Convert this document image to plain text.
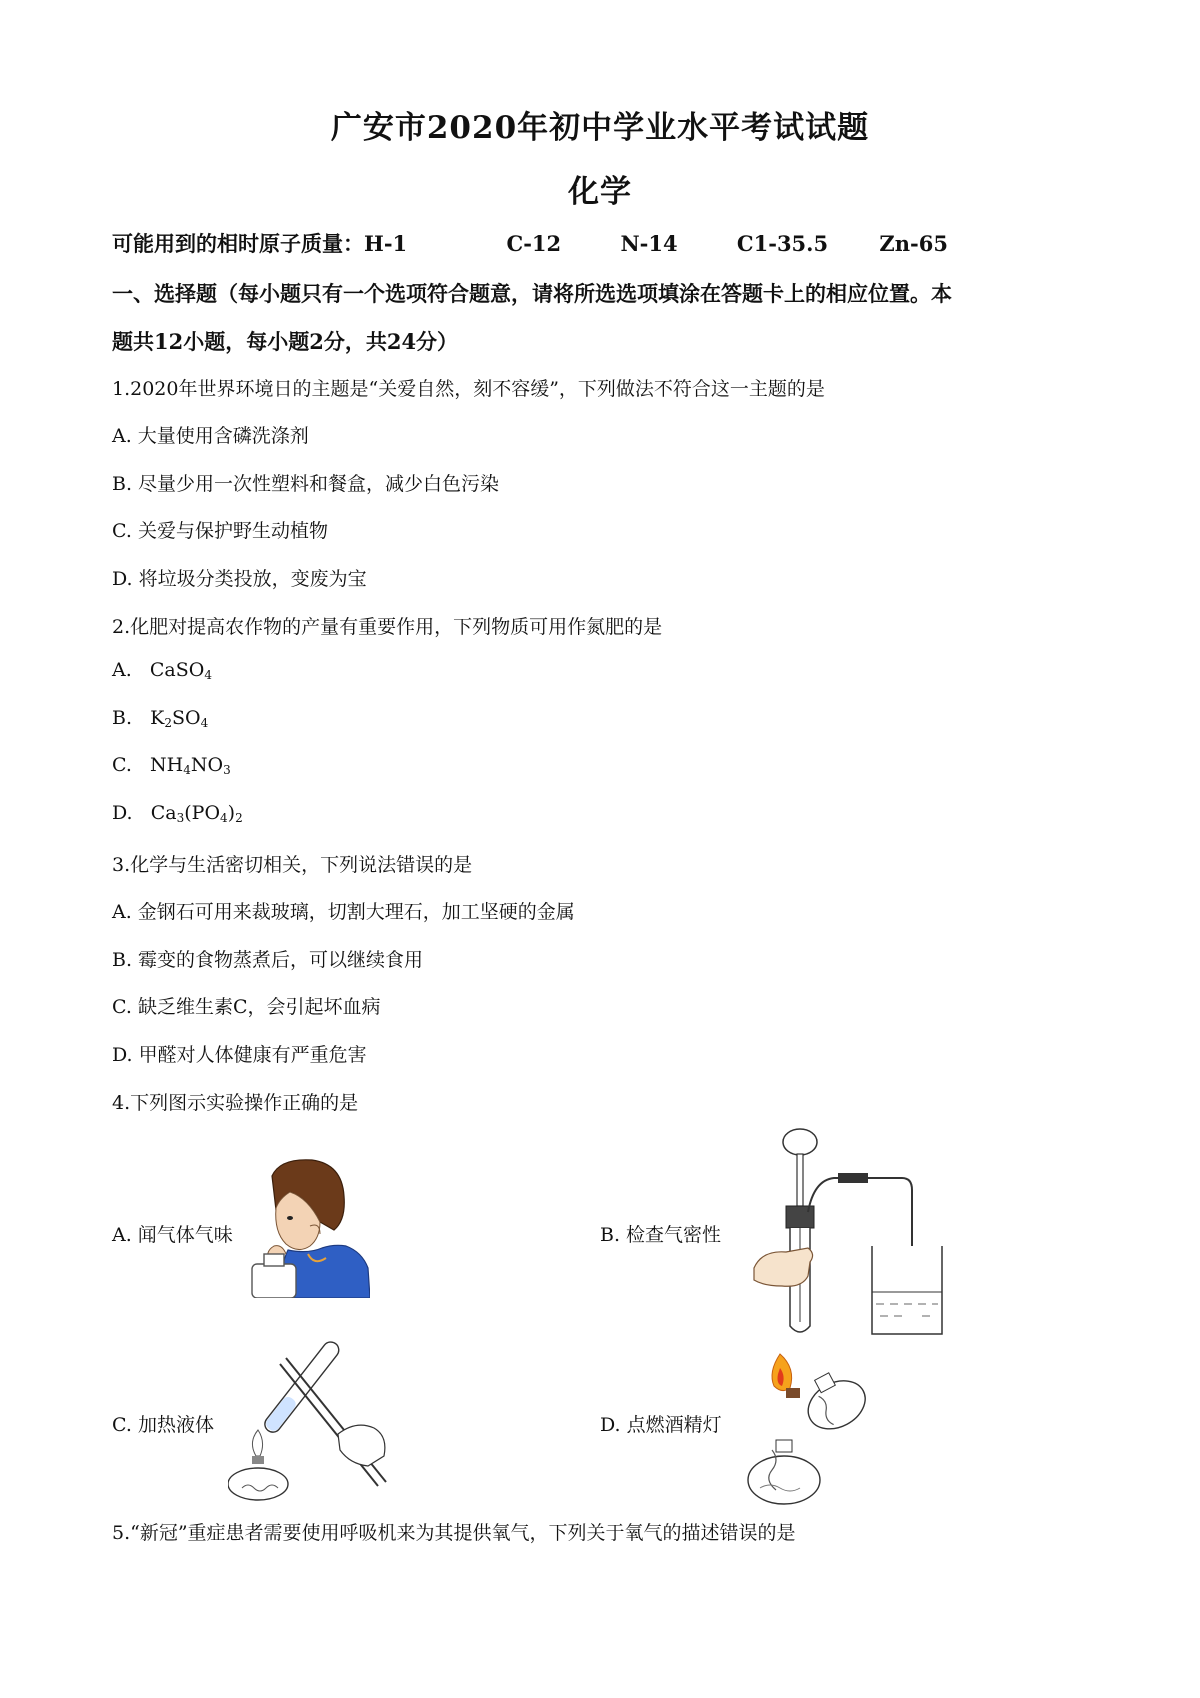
广安市2020年初中学业水平考试试题
化学
可能用到的相时原子质量：H-1	C-12	N-14	C1-35.5 Zn-65
一、选择题（每小题只有一个选项符合题意，请将所选选项填涂在答题卡上的相应位置。本
题共12小题，每小题2分，共24分）
1.2020年世界环境日的主题是“关爱自然，刻不容缓”，下列做法不符合这一主题的是
A. 大量使用含磷洗涤剂
B. 尽量少用一次性塑料和餐盒，减少白色污染
C. 关爱与保护野生动植物
D. 将垃圾分类投放，变废为宝
2.化肥对提高农作物的产量有重要作用，下列物质可用作氮肥的是
A. CaSO$_4$
B. $K_2SO_4$
C. $NH_4NO_3$
D. $Ca_3(PO_4)_2$
3.化学与生活密切相关，下列说法错误的是
A. 金钢石可用来裁玻璃，切割大理石，加工坚硬的金属
B. 霉变的食物蒸煮后，可以继续食用
C. 缺乏维生素C，会引起坏血病
D. 甲醛对人体健康有严重危害
4.下列图示实验操作正确的是
A. 闻气体气味	B. 检查气密性
C. 加热液体	D. 点燃酒精灯
5.“新冠”重症患者需要使用呼吸机来为其提供氧气，下列关于氧气的描述错误的是
